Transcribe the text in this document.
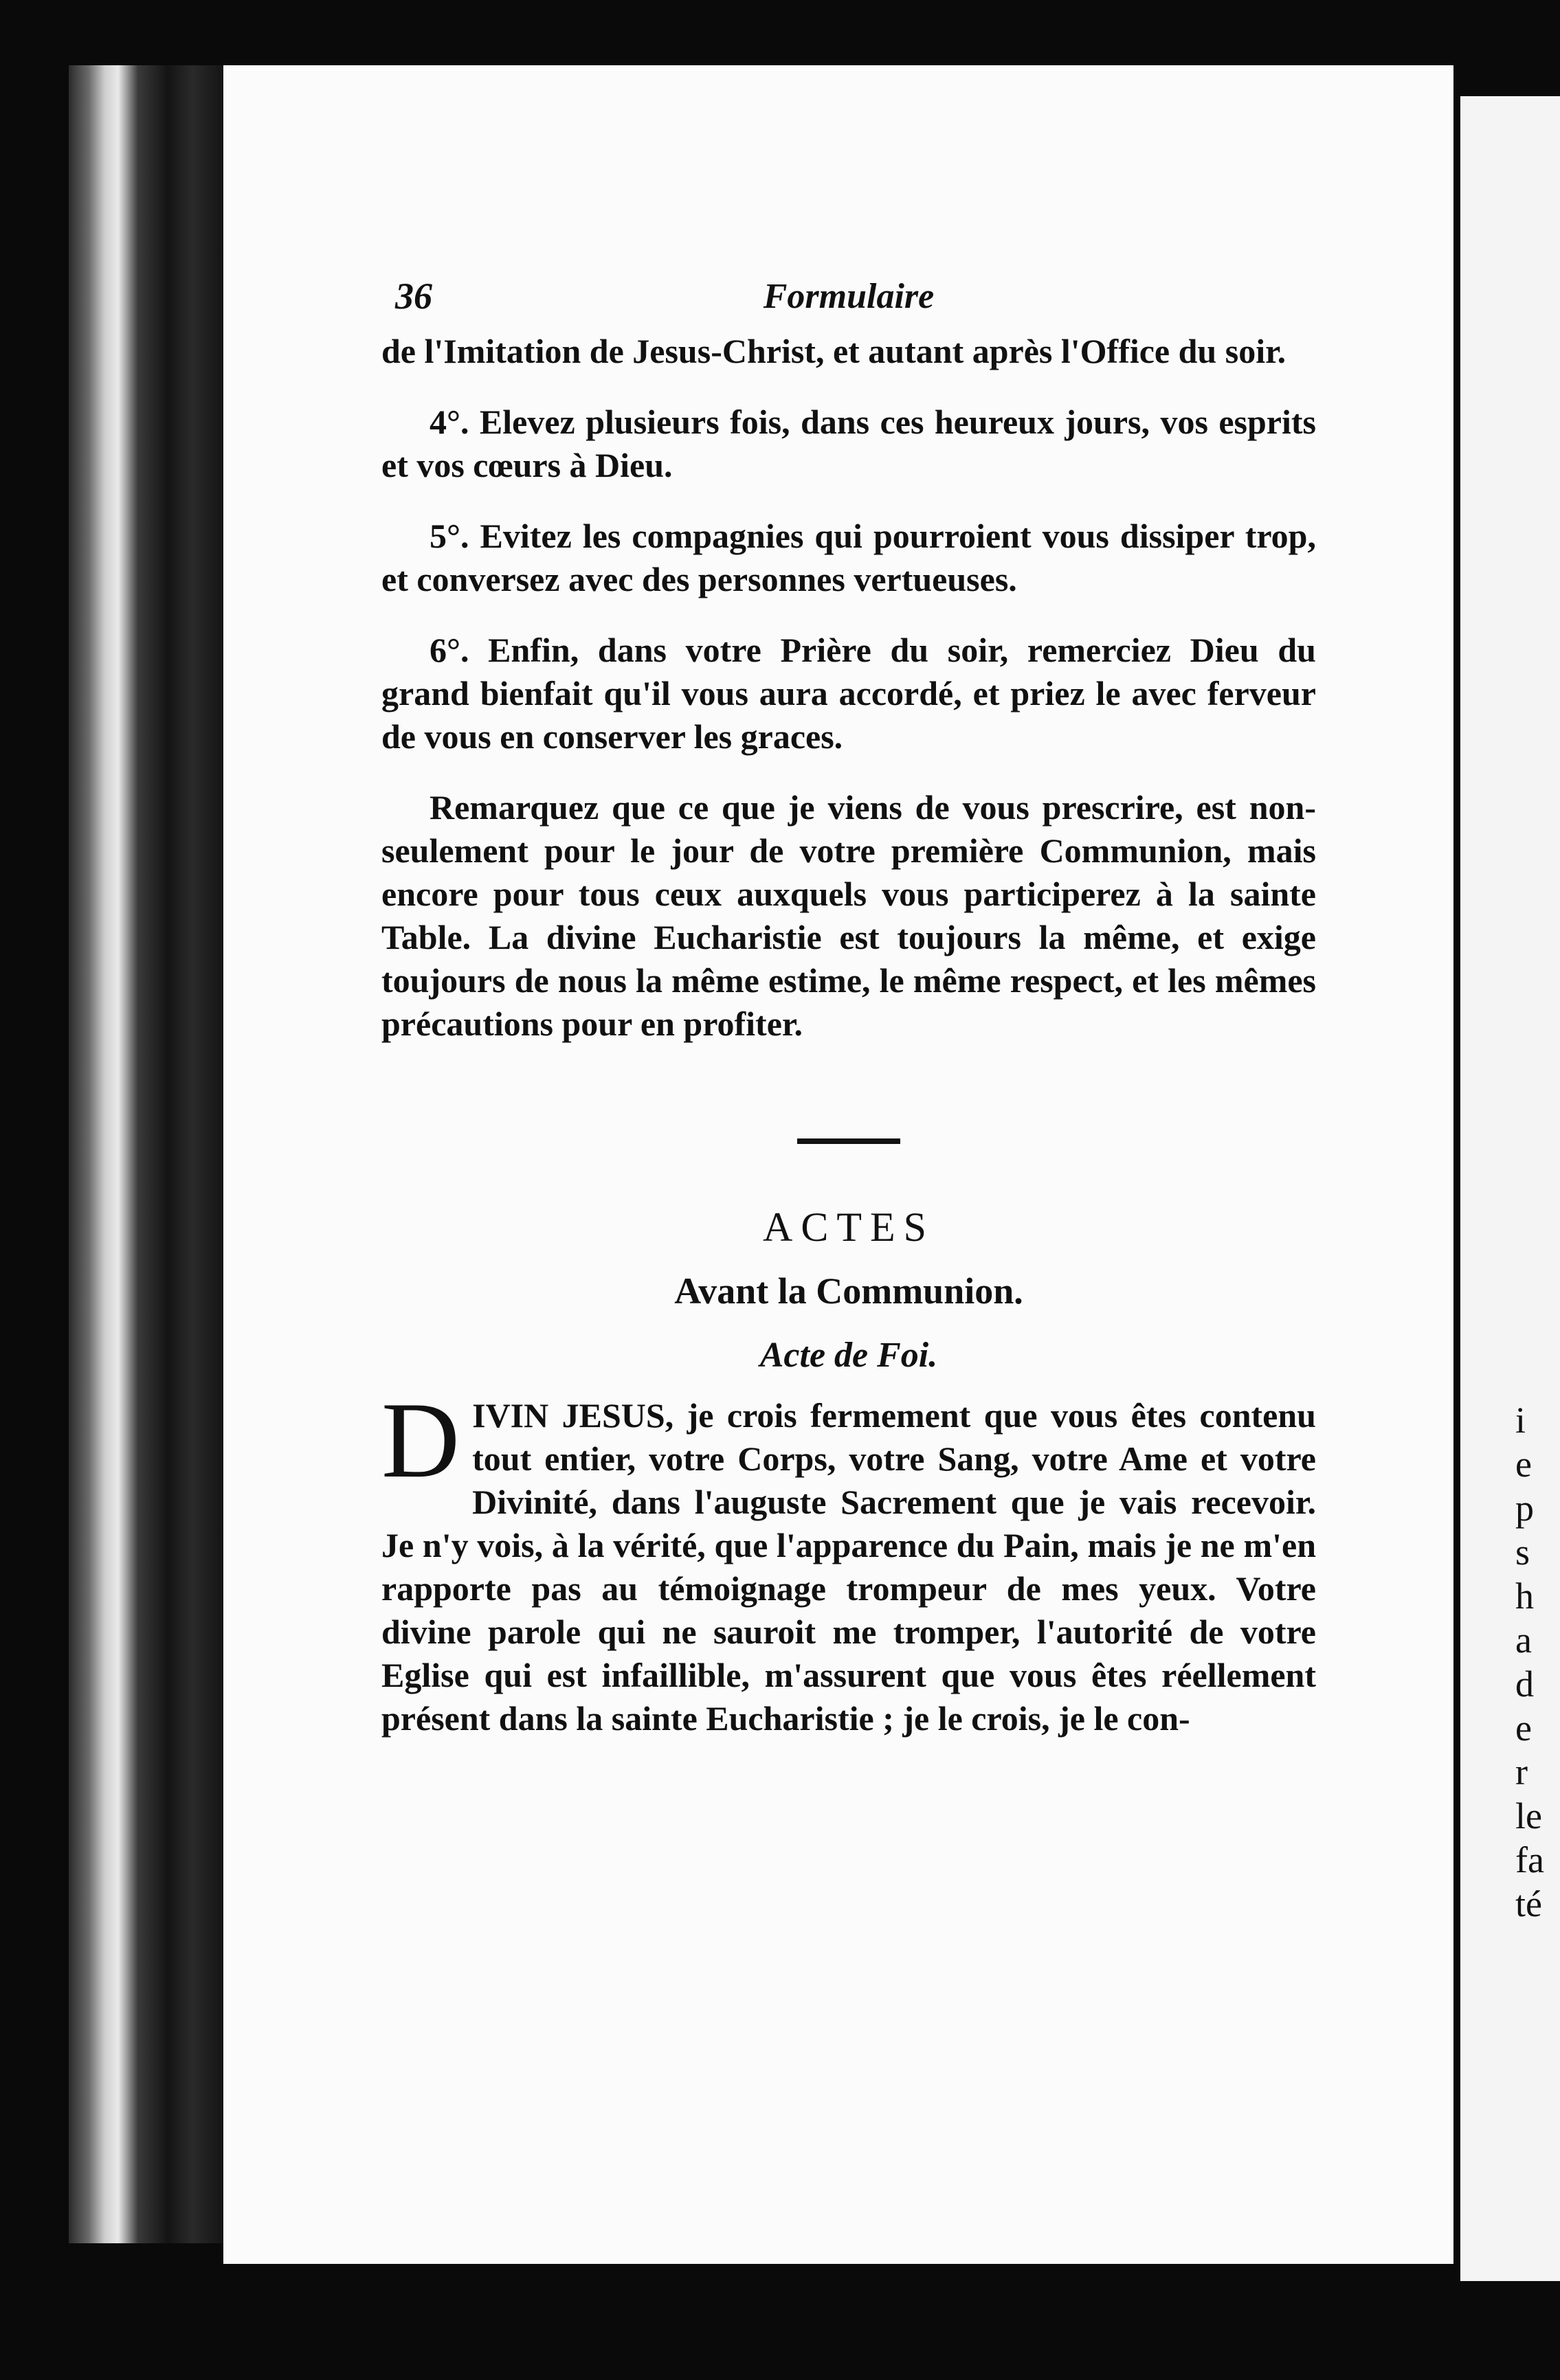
i
e
p
s
h
a
d
e
r
le
fa
té
36	Formulaire

de l'Imitation de Jesus-Christ, et autant après l'Office du soir.

4°. Elevez plusieurs fois, dans ces heureux jours, vos esprits et vos cœurs à Dieu.

5°. Evitez les compagnies qui pourroient vous dissiper trop, et conversez avec des personnes vertueuses.

6°. Enfin, dans votre Prière du soir, remerciez Dieu du grand bienfait qu'il vous aura accordé, et priez le avec ferveur de vous en conserver les graces.

Remarquez que ce que je viens de vous prescrire, est non-seulement pour le jour de votre première Communion, mais encore pour tous ceux auxquels vous participerez à la sainte Table. La divine Eucharistie est toujours la même, et exige toujours de nous la même estime, le même respect, et les mêmes précautions pour en profiter.

ACTES
Avant la Communion.
Acte de Foi.

DIVIN JESUS, je crois fermement que vous êtes contenu tout entier, votre Corps, votre Sang, votre Ame et votre Divinité, dans l'auguste Sacrement que je vais recevoir. Je n'y vois, à la vérité, que l'apparence du Pain, mais je ne m'en rapporte pas au témoignage trompeur de mes yeux. Votre divine parole qui ne sauroit me tromper, l'autorité de votre Eglise qui est infaillible, m'assurent que vous êtes réellement présent dans la sainte Eucharistie ; je le crois, je le con-
